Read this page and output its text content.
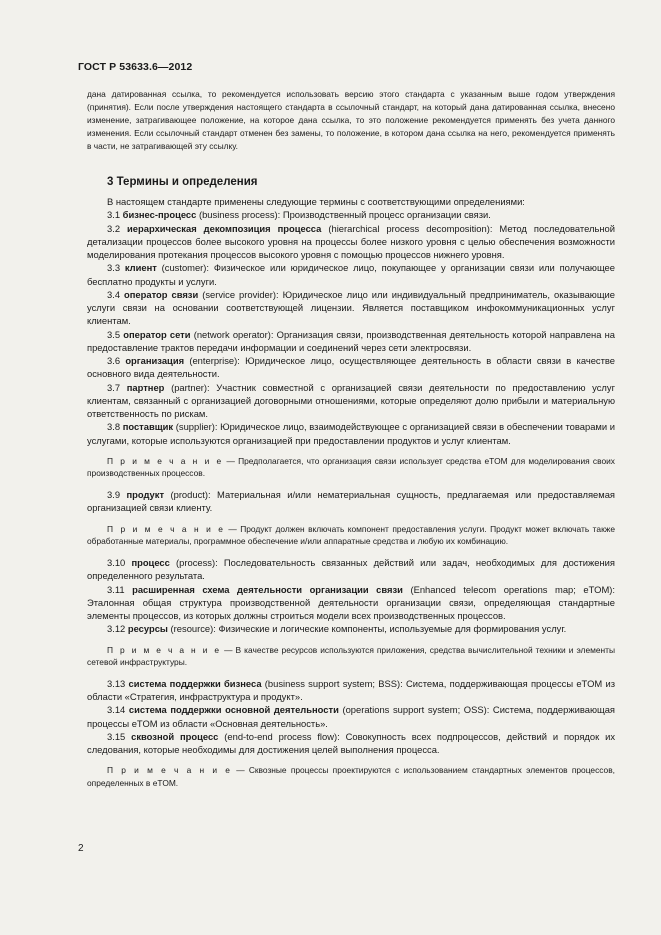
ГОСТ Р 53633.6—2012
дана датированная ссылка, то рекомендуется использовать версию этого стандарта с указанным выше годом утверждения (принятия). Если после утверждения настоящего стандарта в ссылочный стандарт, на который дана датированная ссылка, внесено изменение, затрагивающее положение, на которое дана ссылка, то это положение рекомендуется применять без учета данного изменения. Если ссылочный стандарт отменен без замены, то положение, в котором дана ссылка на него, рекомендуется применять в части, не затрагивающей эту ссылку.
3 Термины и определения

В настоящем стандарте применены следующие термины с соответствующими определениями:

3.1 бизнес-процесс (business process): Производственный процесс организации связи.

3.2 иерархическая декомпозиция процесса (hierarchical process decomposition): Метод последовательной детализации процессов более высокого уровня на процессы более низкого уровня с целью обеспечения возможности моделирования протекания процессов высокого уровня с помощью процессов нижнего уровня.

3.3 клиент (customer): Физическое или юридическое лицо, покупающее у организации связи или получающее бесплатно продукты и услуги.

3.4 оператор связи (service provider): Юридическое лицо или индивидуальный предприниматель, оказывающие услуги связи на основании соответствующей лицензии. Является поставщиком инфокоммуникационных услуг клиентам.

3.5 оператор сети (network operator): Организация связи, производственная деятельность которой направлена на предоставление трактов передачи информации и соединений через сети электросвязи.

3.6 организация (enterprise): Юридическое лицо, осуществляющее деятельность в области связи в качестве основного вида деятельности.

3.7 партнер (partner): Участник совместной с организацией связи деятельности по предоставлению услуг клиентам, связанный с организацией договорными отношениями, которые определяют долю прибыли и материальную ответственность по рискам.

3.8 поставщик (supplier): Юридическое лицо, взаимодействующее с организацией связи в обеспечении товарами и услугами, которые используются организацией при предоставлении продуктов и услуг клиентам.

П р и м е ч а н и е — Предполагается, что организация связи использует средства eTOM для моделирования своих производственных процессов.

3.9 продукт (product): Материальная и/или нематериальная сущность, предлагаемая или предоставляемая организацией связи клиенту.

П р и м е ч а н и е — Продукт должен включать компонент предоставления услуги. Продукт может включать также обработанные материалы, программное обеспечение и/или аппаратные средства и любую их комбинацию.

3.10 процесс (process): Последовательность связанных действий или задач, необходимых для достижения определенного результата.

3.11 расширенная схема деятельности организации связи (Enhanced telecom operations map; eTOM): Эталонная общая структура производственной деятельности организации связи, определяющая стандартные элементы процессов, из которых должны строиться модели всех производственных процессов.

3.12 ресурсы (resource): Физические и логические компоненты, используемые для формирования услуг.

П р и м е ч а н и е — В качестве ресурсов используются приложения, средства вычислительной техники и элементы сетевой инфраструктуры.

3.13 система поддержки бизнеса (business support system; BSS): Система, поддерживающая процессы eTOM из области «Стратегия, инфраструктура и продукт».

3.14 система поддержки основной деятельности (operations support system; OSS): Система, поддерживающая процессы eTOM из области «Основная деятельность».

3.15 сквозной процесс (end-to-end process flow): Совокупность всех подпроцессов, действий и порядок их следования, которые необходимы для достижения целей выполнения процесса.

П р и м е ч а н и е — Сквозные процессы проектируются с использованием стандартных элементов процессов, определенных в eTOM.

2
